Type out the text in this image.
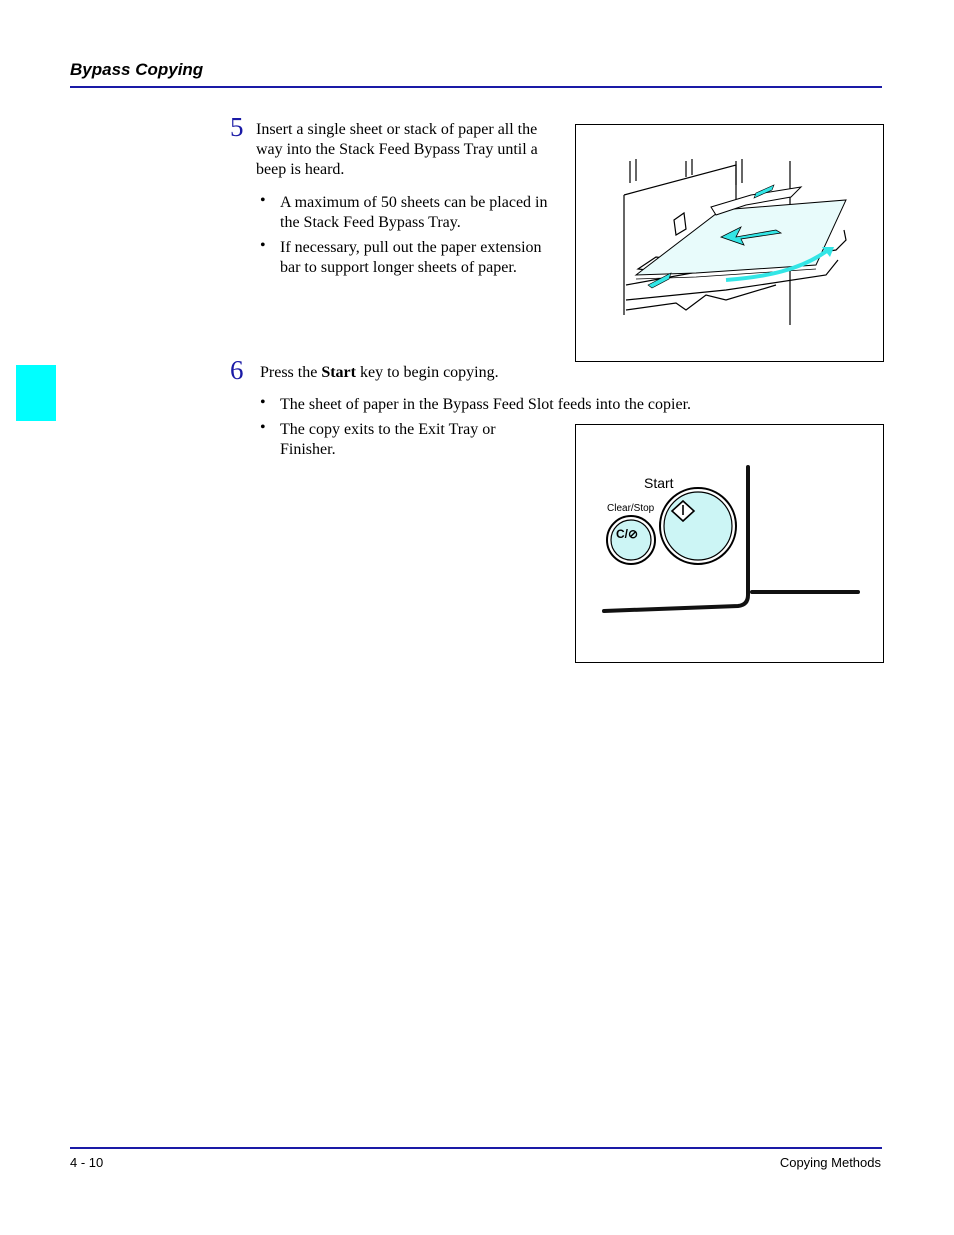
Bypass Copying
5 Insert a single sheet or stack of paper all the
way into the Stack Feed Bypass Tray until a
beep is heard.
• A maximum of 50 sheets can be placed in
the Stack Feed Bypass Tray.
• If necessary, pull out the paper extension
bar to support longer sheets of paper.
6 Press the Start key to begin copying.
• The sheet of paper in the Bypass Feed Slot feeds into the copier.
• The copy exits to the Exit Tray or
Finisher.
C/⊘
Start
Clear/Stop
4 - 10	Copying Methods
